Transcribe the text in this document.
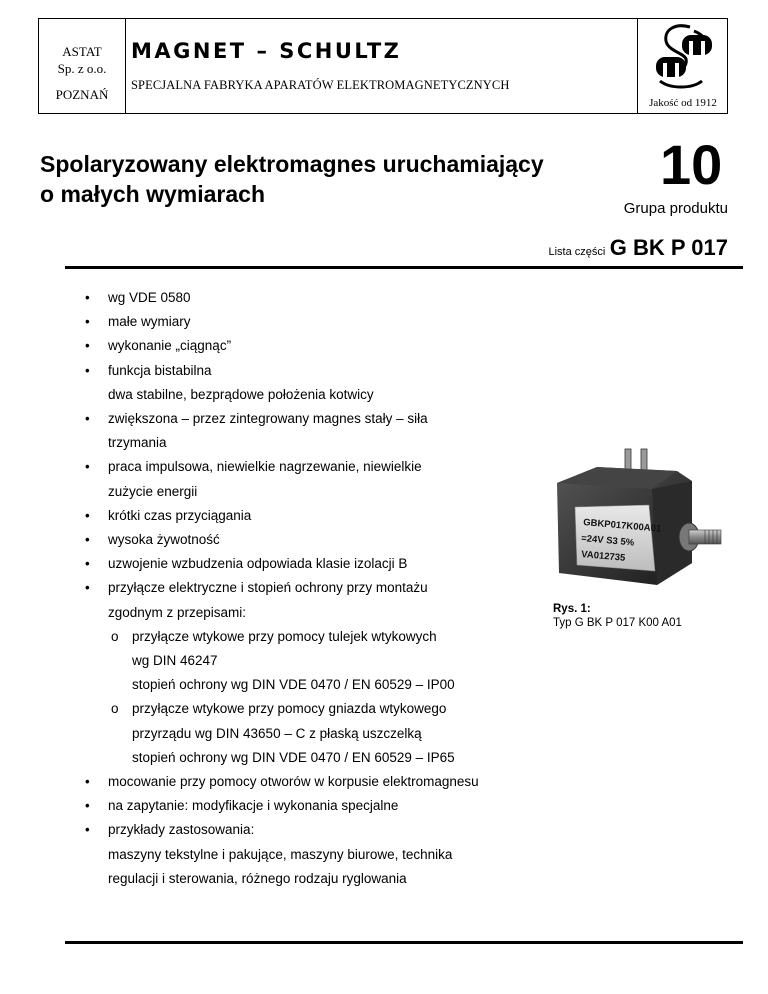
ASTAT
Sp. z o.o.
POZNAŃ
MAGNET – SCHULTZ
SPECJALNA FABRYKA APARATÓW ELEKTROMAGNETYCZNYCH
Jakość od 1912
Spolaryzowany elektromagnes uruchamiający
o małych wymiarach	10
Grupa produktu
Lista części G BK P 017
• wg VDE 0580
• małe wymiary
• wykonanie „ciągnąc”
• funkcja bistabilna
dwa stabilne, bezprądowe położenia kotwicy
• zwiększona – przez zintegrowany magnes stały – siła
trzymania
• praca impulsowa, niewielkie nagrzewanie, niewielkie
zużycie energii
• krótki czas przyciągania
• wysoka żywotność
• uzwojenie wzbudzenia odpowiada klasie izolacji B
• przyłącze elektryczne i stopień ochrony przy montażu
zgodnym z przepisami:
o przyłącze wtykowe przy pomocy tulejek wtykowych
wg DIN 46247
stopień ochrony wg DIN VDE 0470 / EN 60529 – IP00
o przyłącze wtykowe przy pomocy gniazda wtykowego
przyrządu wg DIN 43650 – C z płaską uszczelką
stopień ochrony wg DIN VDE 0470 / EN 60529 – IP65
• mocowanie przy pomocy otworów w korpusie elektromagnesu
• na zapytanie: modyfikacje i wykonania specjalne
• przykłady zastosowania:
maszyny tekstylne i pakujące, maszyny biurowe, technika
regulacji i sterowania, różnego rodzaju ryglowania
GBKP017K00A01
=24V S3 5%
VA012735
Rys. 1:
Typ G BK P 017 K00 A01
